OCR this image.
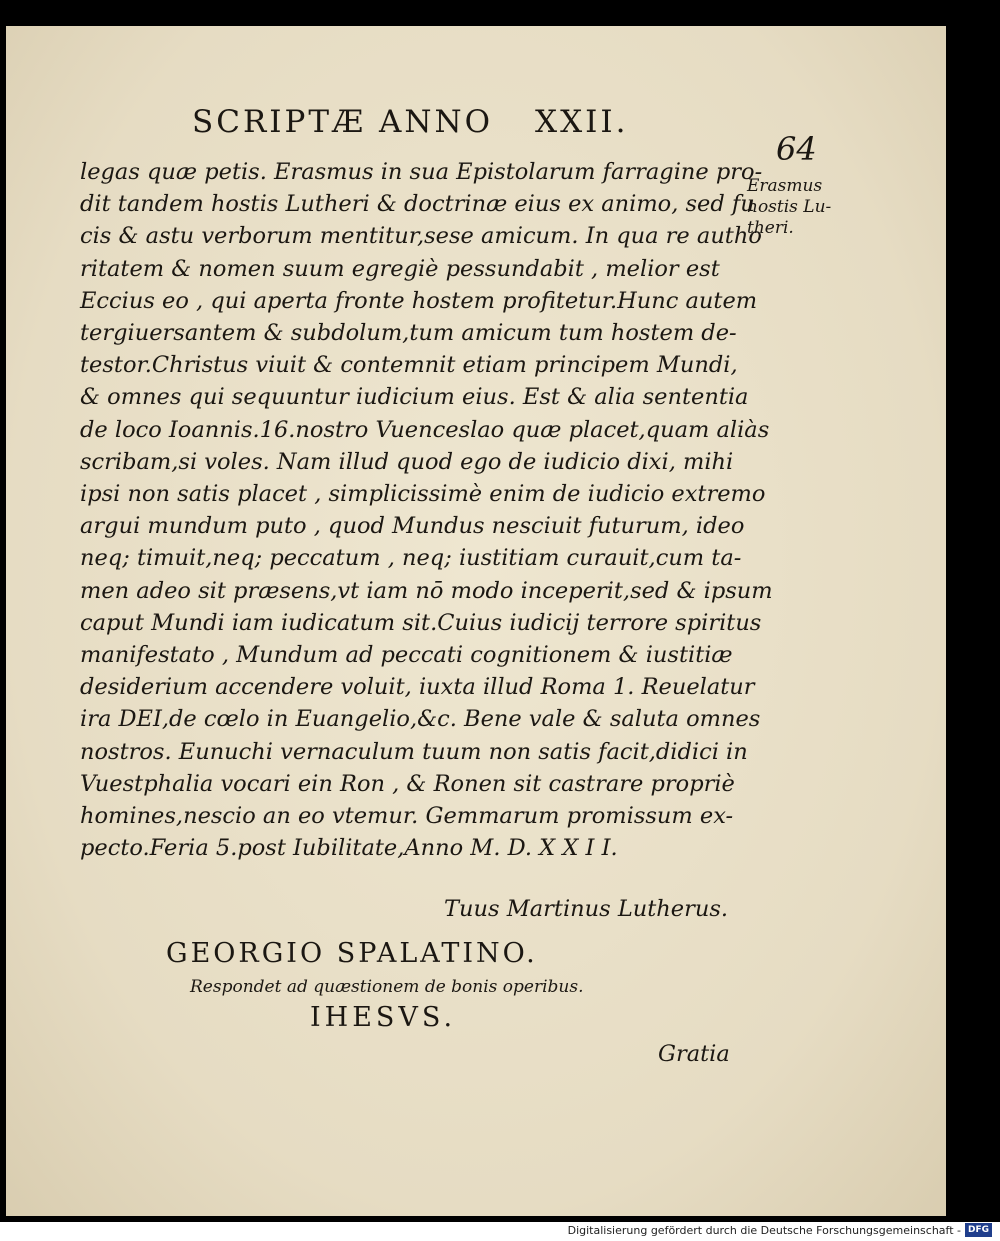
SCRIPTÆ ANNO XXII.
64
Erasmus
hostis Lu-
theri.
legas quæ petis. Erasmus in sua Epistolarum farragine pro-
dit tandem hostis Lutheri & doctrinæ eius ex animo, sed fu
cis & astu verborum mentitur,sese amicum. In qua re autho
ritatem & nomen suum egregiè pessundabit , melior est
Eccius eo , qui aperta fronte hostem profitetur.Hunc autem
tergiuersantem & subdolum,tum amicum tum hostem de-
testor.Christus viuit & contemnit etiam principem Mundi,
& omnes qui sequuntur iudicium eius. Est & alia sententia
de loco Ioannis.16.nostro Vuenceslao quæ placet,quam aliàs
scribam,si voles. Nam illud quod ego de iudicio dixi, mihi
ipsi non satis placet , simplicissimè enim de iudicio extremo
argui mundum puto , quod Mundus nesciuit futurum, ideo
neq; timuit,neq; peccatum , neq; iustitiam curauit,cum ta-
men adeo sit præsens,vt iam nō modo inceperit,sed & ipsum
caput Mundi iam iudicatum sit.Cuius iudicij terrore spiritus
manifestato , Mundum ad peccati cognitionem & iustitiæ
desiderium accendere voluit, iuxta illud Roma 1. Reuelatur
ira DEI,de cœlo in Euangelio,&c. Bene vale & saluta omnes
nostros. Eunuchi vernaculum tuum non satis facit,didici in
Vuestphalia vocari ein Ron , & Ronen sit castrare propriè
homines,nescio an eo vtemur. Gemmarum promissum ex-
pecto.Feria 5.post Iubilitate,Anno M. D. X X I I.
Tuus Martinus Lutherus.
GEORGIO SPALATINO.
Respondet ad quæstionem de bonis operibus.
IHESVS.
Gratia
Digitalisierung gefördert durch die Deutsche Forschungsgemeinschaft - DFG
